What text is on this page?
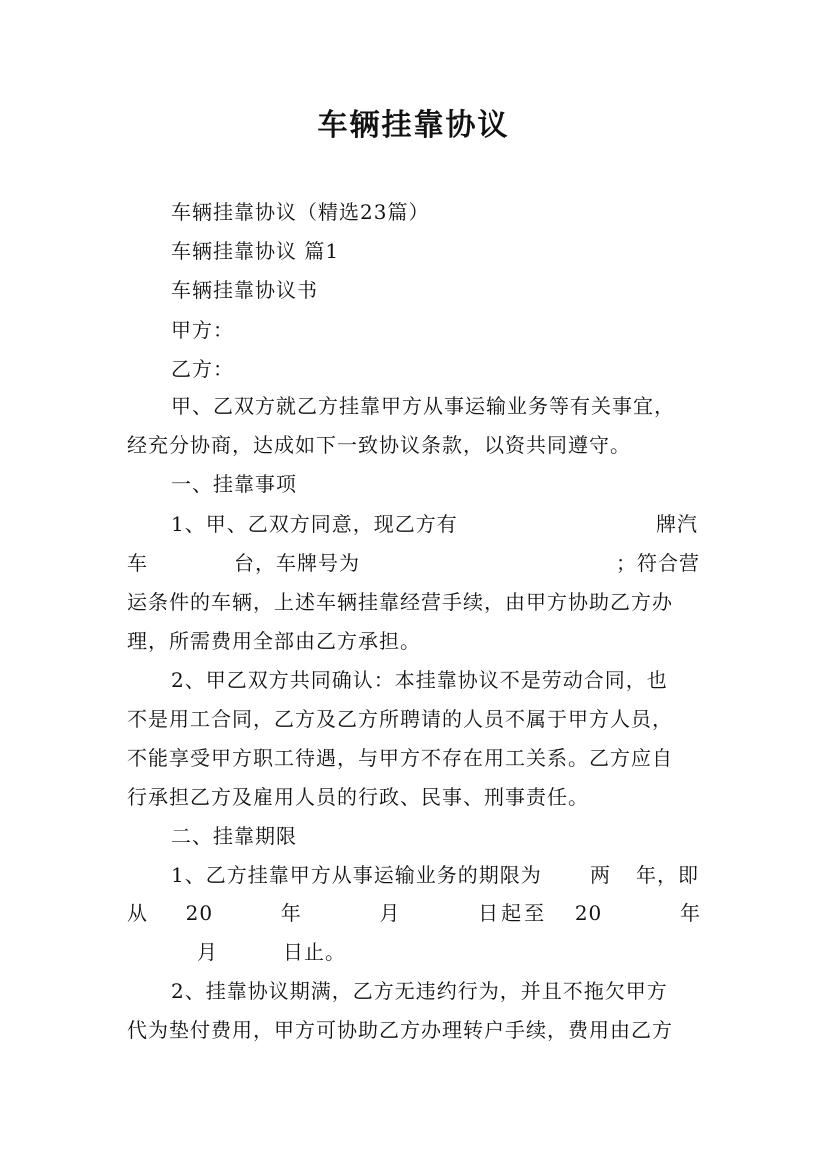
车辆挂靠协议
车辆挂靠协议（精选23篇）
车辆挂靠协议 篇1
车辆挂靠协议书
甲方：
乙方：
甲、乙双方就乙方挂靠甲方从事运输业务等有关事宜，
经充分协商，达成如下一致协议条款，以资共同遵守。
一、挂靠事项
1、甲、乙双方同意，现乙方有	牌汽
车	台，车牌号为	；符合营
运条件的车辆，上述车辆挂靠经营手续，由甲方协助乙方办
理，所需费用全部由乙方承担。
2、甲乙双方共同确认：本挂靠协议不是劳动合同，也
不是用工合同，乙方及乙方所聘请的人员不属于甲方人员，
不能享受甲方职工待遇，与甲方不存在用工关系。乙方应自
行承担乙方及雇用人员的行政、民事、刑事责任。
二、挂靠期限
1、乙方挂靠甲方从事运输业务的期限为 两 年，即
从 20	年	月	日起至 20	年
月	日止。
2、挂靠协议期满，乙方无违约行为，并且不拖欠甲方
代为垫付费用，甲方可协助乙方办理转户手续，费用由乙方
